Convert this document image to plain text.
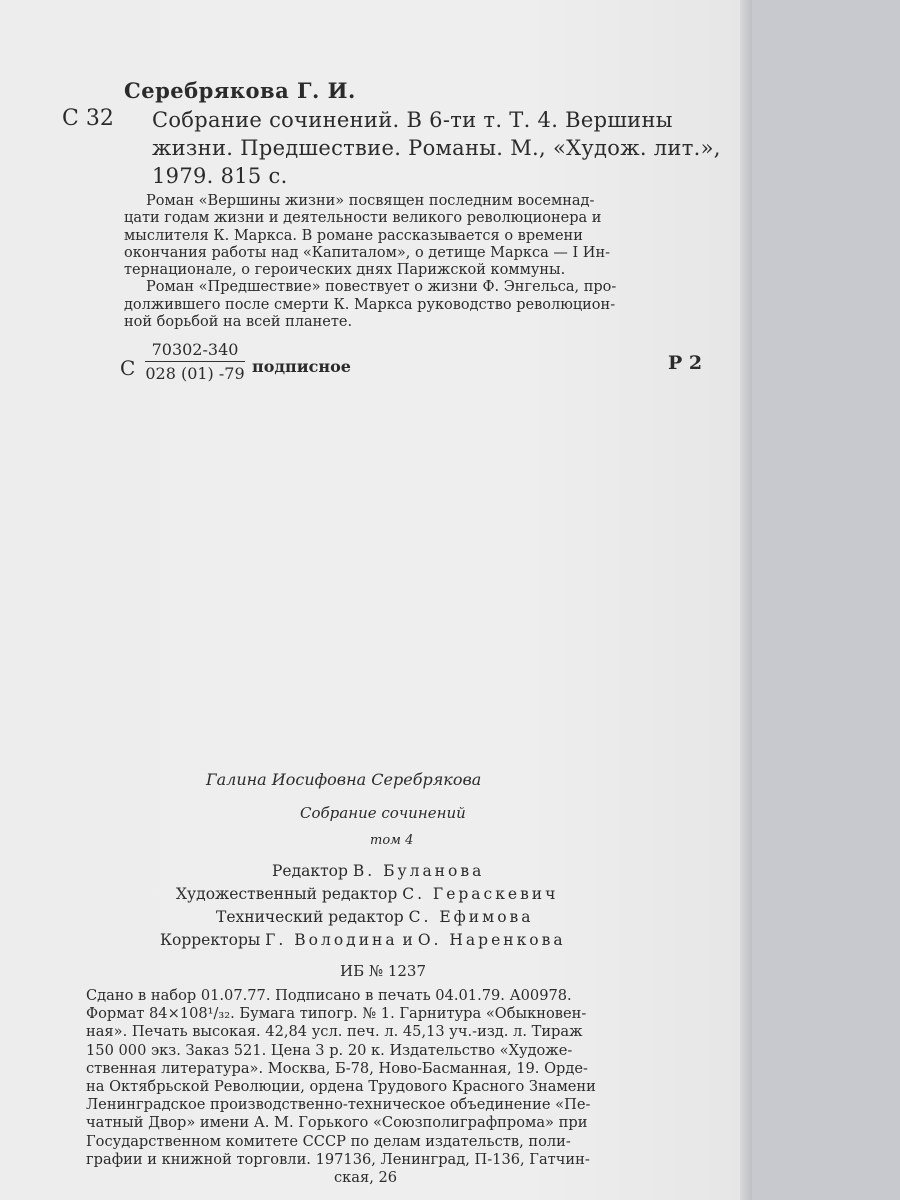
Серебрякова Г. И.
С 32 Собрание сочинений. В 6-ти т. Т. 4. Вершины
жизни. Предшествие. Романы. М., «Худож. лит.»,
1979. 815 с.
Роман «Вершины жизни» посвящен последним восемнад-
цати годам жизни и деятельности великого революционера и
мыслителя К. Маркса. В романе рассказывается о времени
окончания работы над «Капиталом», о детище Маркса — I Ин-
тернационале, о героических днях Парижской коммуны.
Роман «Предшествие» повествует о жизни Ф. Энгельса, про-
должившего после смерти К. Маркса руководство революцион-
ной борьбой на всей планете.
С $\frac{70302-340}{028 (01) -79}$ подписное	Р 2
Галина Иосифовна Серебрякова
Собрание сочинений
том 4
Редактор В. Буланова
Художественный редактор С. Гераскевич
Технический редактор С. Ефимова
Корректоры Г. Володина и О. Наренкова
ИБ № 1237
Сдано в набор 01.07.77. Подписано в печать 04.01.79. А00978.
Формат 84×108¹/₃₂. Бумага типогр. № 1. Гарнитура «Обыкновен-
ная». Печать высокая. 42,84 усл. печ. л. 45,13 уч.-изд. л. Тираж
150 000 экз. Заказ 521. Цена 3 р. 20 к. Издательство «Художе-
ственная литература». Москва, Б-78, Ново-Басманная, 19. Орде-
на Октябрьской Революции, ордена Трудового Красного Знамени
Ленинградское производственно-техническое объединение «Пе-
чатный Двор» имени А. М. Горького «Союзполиграфпрома» при
Государственном комитете СССР по делам издательств, поли-
графии и книжной торговли. 197136, Ленинград, П-136, Гатчин-
ская, 26
